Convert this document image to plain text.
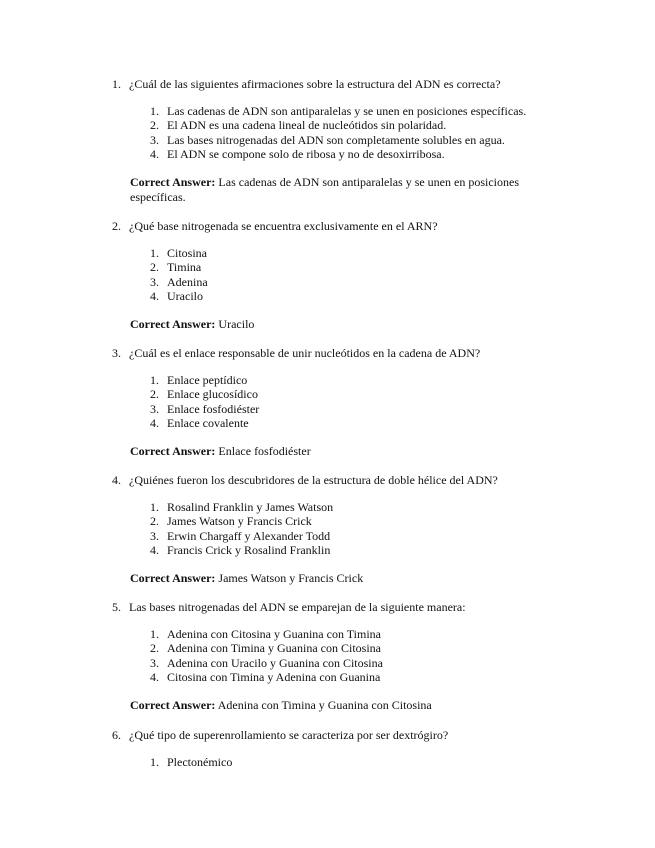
1. ¿Cuál de las siguientes afirmaciones sobre la estructura del ADN es correcta?
1. Las cadenas de ADN son antiparalelas y se unen en posiciones específicas.
2. El ADN es una cadena lineal de nucleótidos sin polaridad.
3. Las bases nitrogenadas del ADN son completamente solubles en agua.
4. El ADN se compone solo de ribosa y no de desoxirribosa.
Correct Answer: Las cadenas de ADN son antiparalelas y se unen en posiciones específicas.
2. ¿Qué base nitrogenada se encuentra exclusivamente en el ARN?
1. Citosina
2. Timina
3. Adenina
4. Uracilo
Correct Answer: Uracilo
3. ¿Cuál es el enlace responsable de unir nucleótidos en la cadena de ADN?
1. Enlace peptídico
2. Enlace glucosídico
3. Enlace fosfodiéster
4. Enlace covalente
Correct Answer: Enlace fosfodiéster
4. ¿Quiénes fueron los descubridores de la estructura de doble hélice del ADN?
1. Rosalind Franklin y James Watson
2. James Watson y Francis Crick
3. Erwin Chargaff y Alexander Todd
4. Francis Crick y Rosalind Franklin
Correct Answer: James Watson y Francis Crick
5. Las bases nitrogenadas del ADN se emparejan de la siguiente manera:
1. Adenina con Citosina y Guanina con Timina
2. Adenina con Timina y Guanina con Citosina
3. Adenina con Uracilo y Guanina con Citosina
4. Citosina con Timina y Adenina con Guanina
Correct Answer: Adenina con Timina y Guanina con Citosina
6. ¿Qué tipo de superenrollamiento se caracteriza por ser dextrógiro?
1. Plectonémico
